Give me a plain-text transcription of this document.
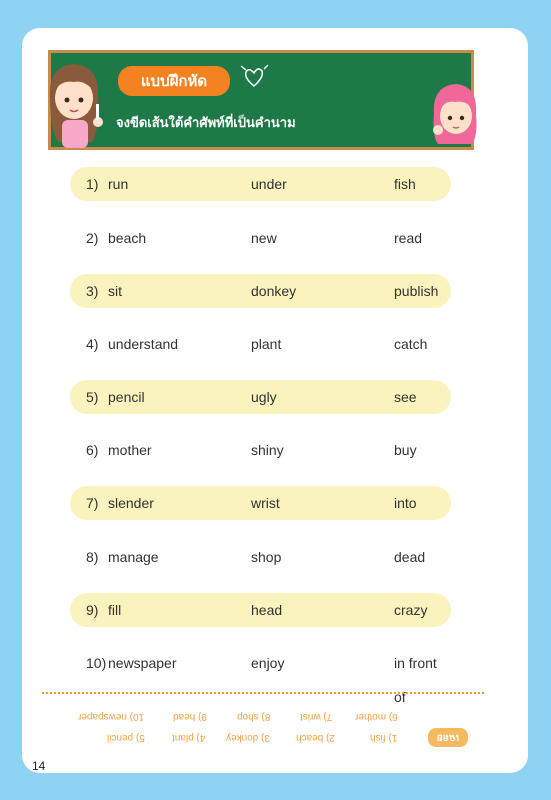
แบบฝึกหัด
จงขีดเส้นใต้คำศัพท์ที่เป็นคำนาม
1) run	under	fish
2) beach	new	read
3) sit	donkey	publish
4) understand	plant	catch
5) pencil	ugly	see
6) mother	shiny	buy
7) slender	wrist	into
8) manage	shop	dead
9) fill	head	crazy
10) newspaper	enjoy	in front of
เฉลย
1) fish
2) beach
3) donkey
4) plant
5) pencil
6) mother
7) wrist
8) shop
9) head
10) newspaper
14
